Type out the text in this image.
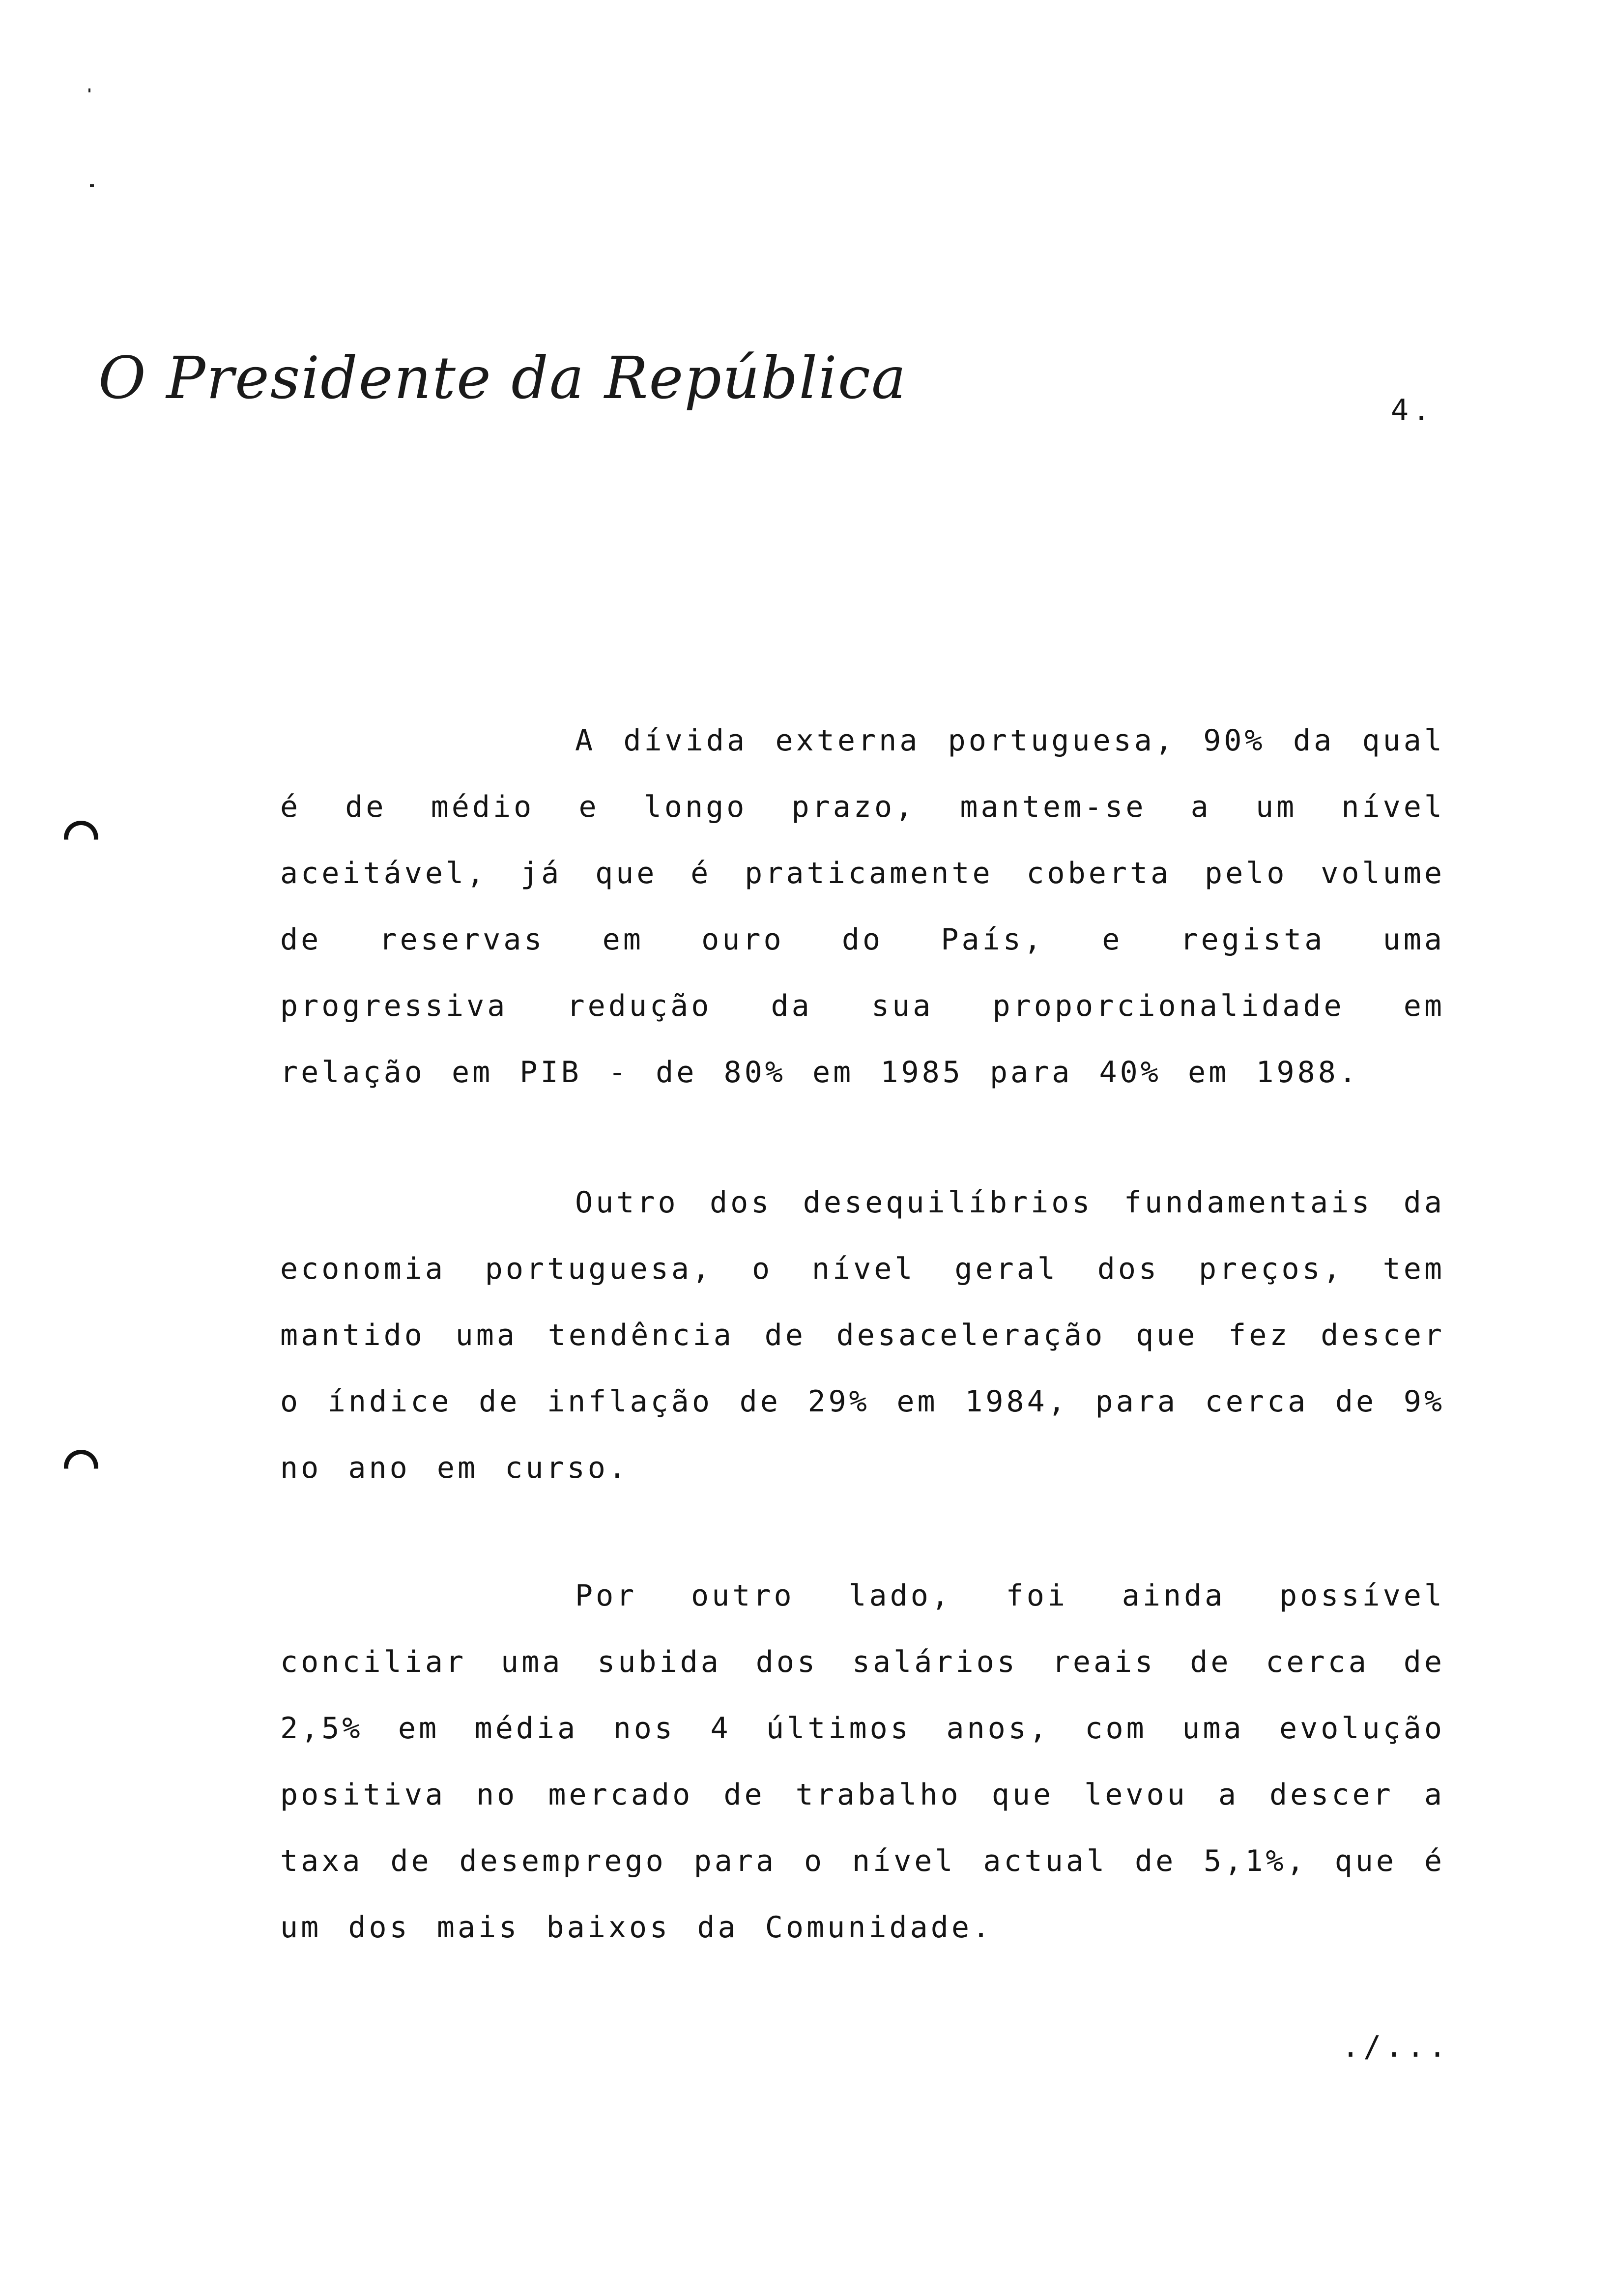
O Presidente da República	4.

A dívida externa portuguesa, 90% da qual é de médio e longo prazo, mantem-se a um nível aceitável, já que é praticamente coberta pelo volume de reservas em ouro do País, e regista uma progressiva redução da sua proporcionalidade em relação em PIB - de 80% em 1985 para 40% em 1988.

Outro dos desequilíbrios fundamentais da economia portuguesa, o nível geral dos preços, tem mantido uma tendência de desaceleração que fez descer o índice de inflação de 29% em 1984, para cerca de 9% no ano em curso.

Por outro lado, foi ainda possível conciliar uma subida dos salários reais de cerca de 2,5% em média nos 4 últimos anos, com uma evolução positiva no mercado de trabalho que levou a descer a taxa de desemprego para o nível actual de 5,1%, que é um dos mais baixos da Comunidade.

./...
